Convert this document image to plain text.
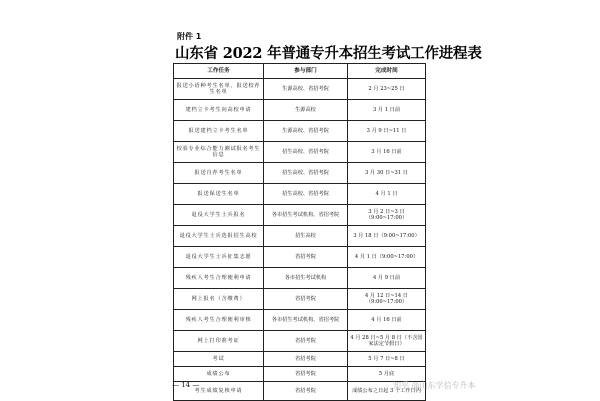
附件 1
山东省 2022 年普通专升本招生考试工作进程表
工作任务	参与部门	完成时间
报送小语种考生名单、报送校荐生名单	生源高校、省招考院	2 月 23~25 日
建档立卡考生向高校申请	生源高校	3 月 1 日前
报送建档立卡考生名单	生源高校、省招考院	3 月 9 日~11 日
校验专业综合能力测试报名考生信息	招生高校、省招考院	3 月 16 日前
报送自荐考生名单	招生高校、省招考院	3 月 30 日~31 日
报送保送生名单	招生高校、省招考院	4 月 1 日
退役大学生士兵报名	各市招生考试机构、省招考院	3 月 2 日~3 日（9:00~17:00）
退役大学生士兵选报招生高校	招生高校	3 月 18 日（9:00~17:00）
退役大学生士兵征集志愿	省招考院	4 月 1 日（9:00~17:00）
残疾人考生合理便利申请	各市招生考试机构	4 月 9 日前
网上报名（含缴费）	省招考院	4 月 12 日~14 日（9:00~17:00）
残疾人考生合理便利审核	各市招生考试机构、省招考院	4 月 16 日前
网上打印准考证	省招考院	4 月 28 日~5 月 8 日（不含国家法定节假日）
考试	省招考院	5 月 7 日~8 日
成绩公布	省招考院	5 月底
考生成绩复核申请	省招考院	成绩公布之日起 3 个工作日内
— 14 —	知乎 @山东学信专升本
